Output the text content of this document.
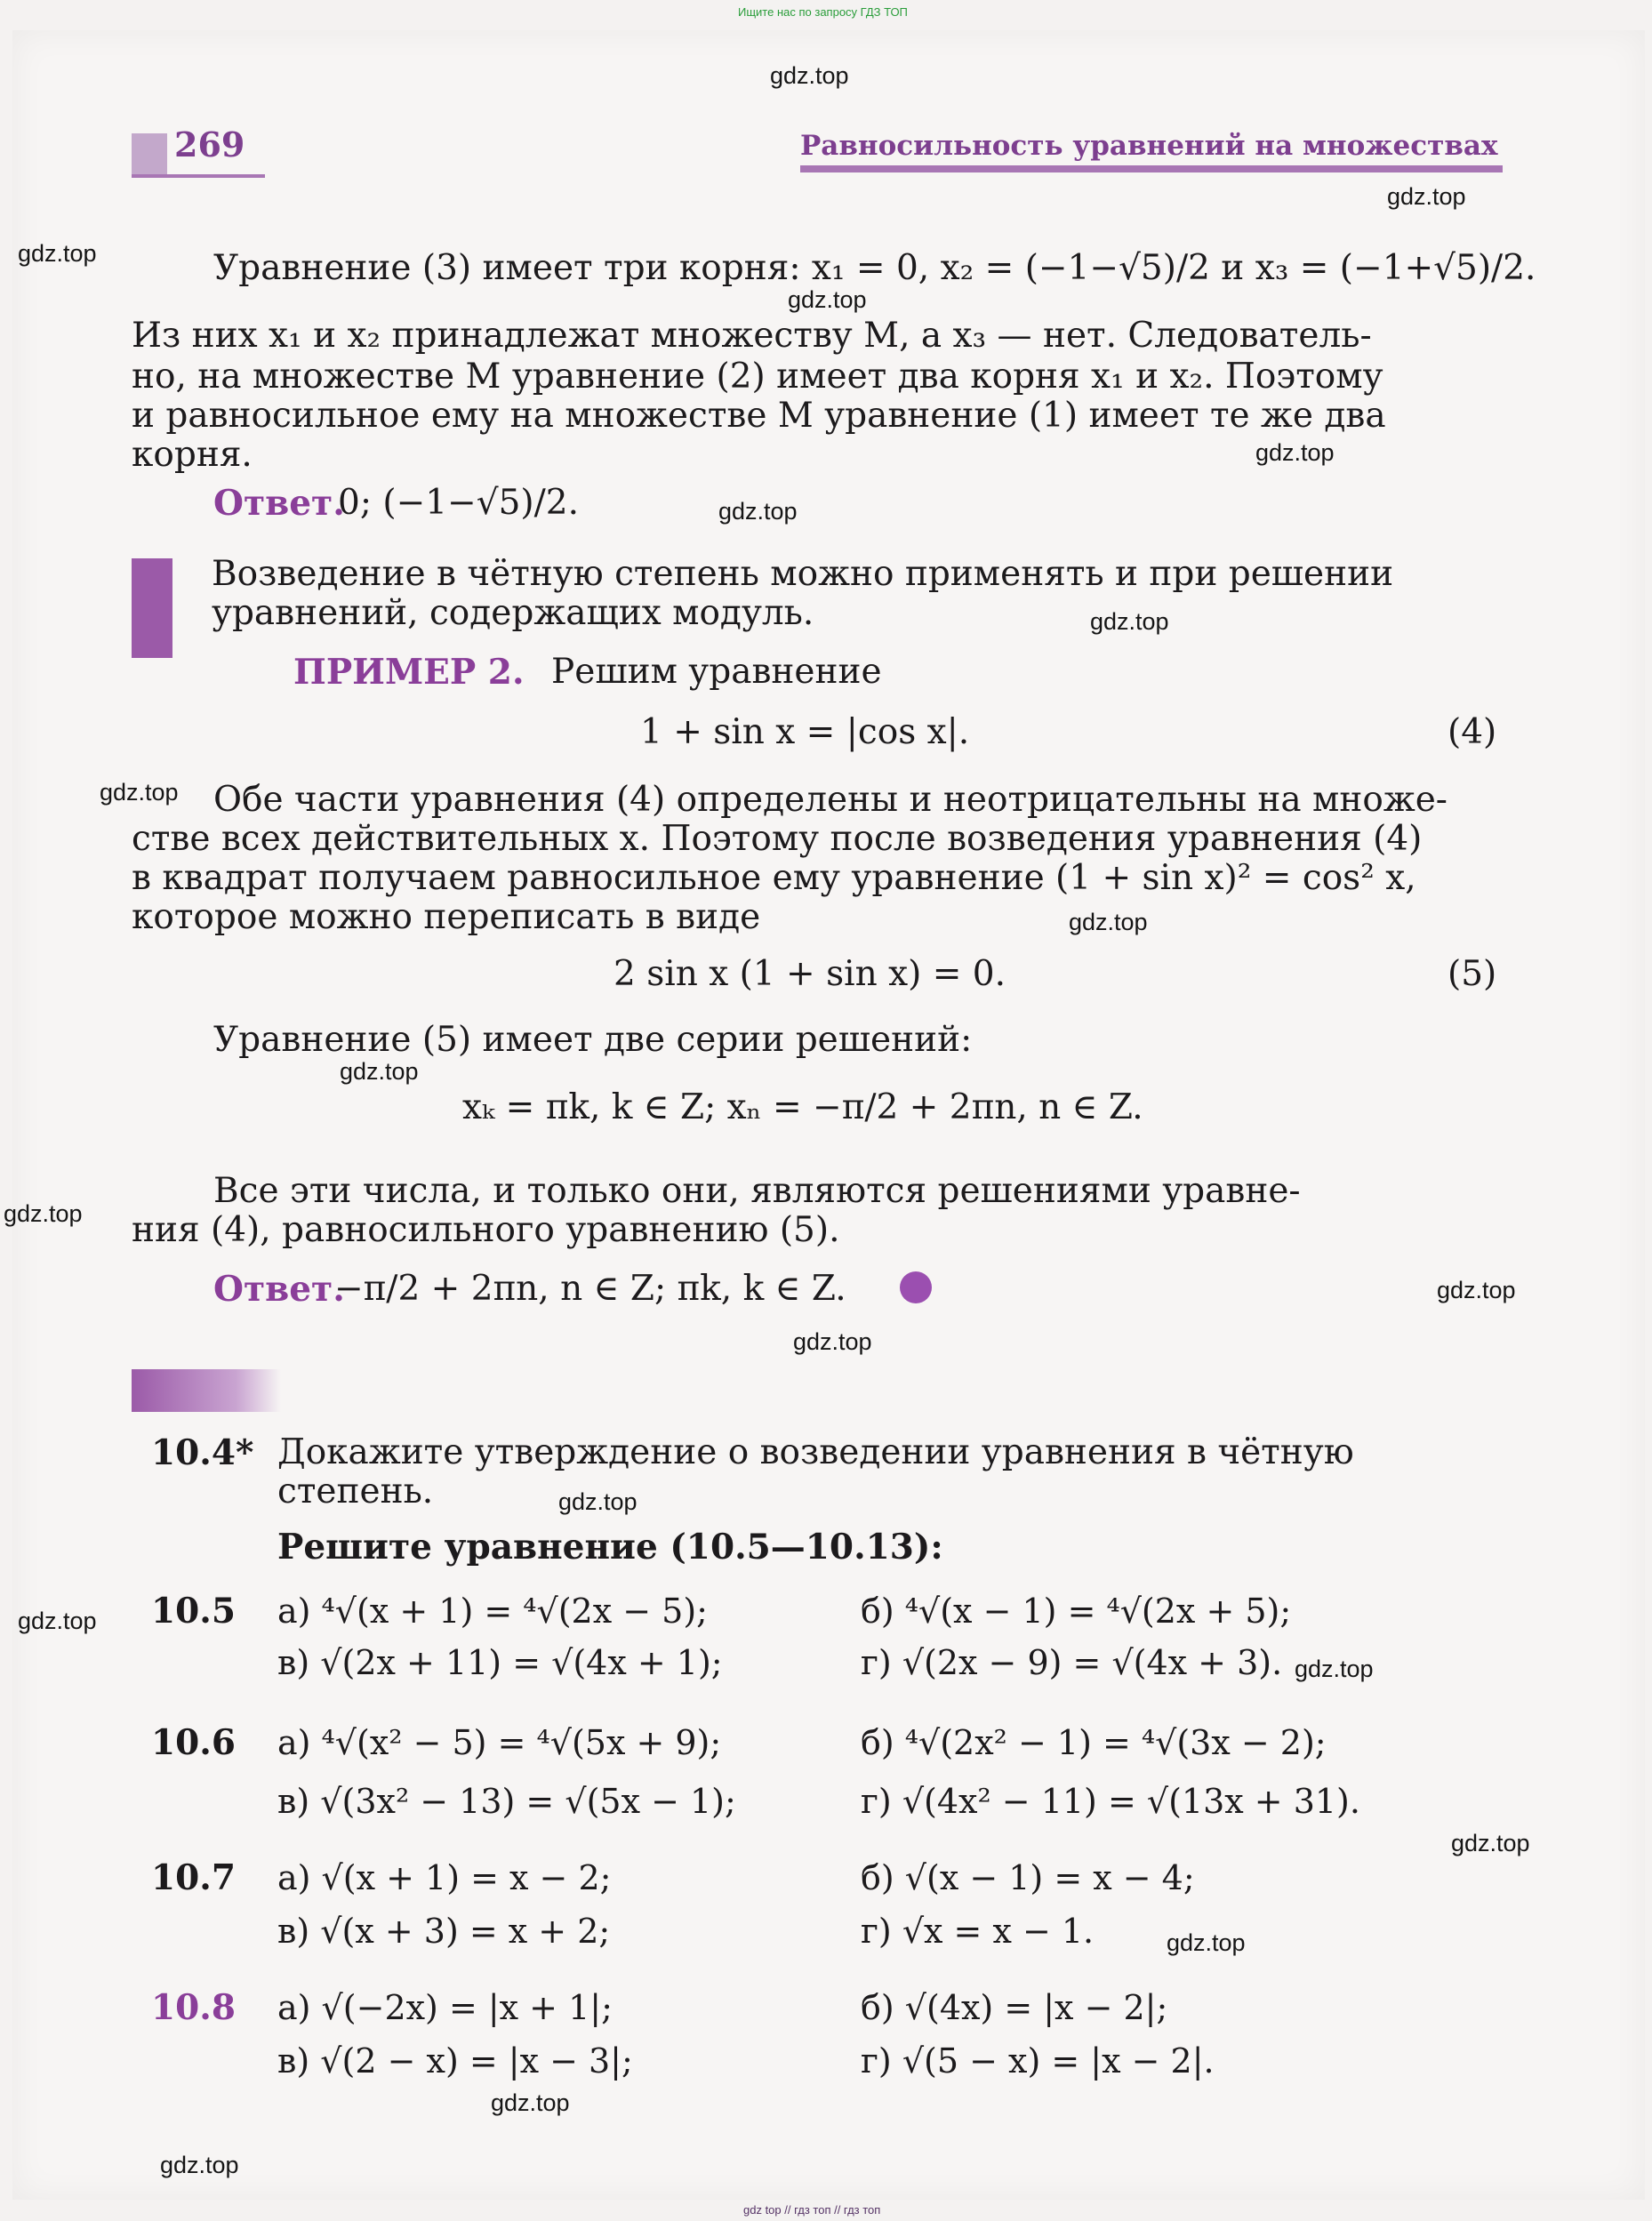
Ищите нас по запросу ГДЗ ТОП
269	Равносильность уравнений на множествах
Уравнение (3) имеет три корня: x₁ = 0, x₂ = (−1−√5)/2 и x₃ = (−1+√5)/2.
Из них x₁ и x₂ принадлежат множеству M, а x₃ — нет. Следователь-
но, на множестве M уравнение (2) имеет два корня x₁ и x₂. Поэтому
и равносильное ему на множестве M уравнение (1) имеет те же два
корня.
Ответ.
0; (−1−√5)/2.
Возведение в чётную степень можно применять и при решении
уравнений, содержащих модуль.
ПРИМЕР 2. Решим уравнение
1 + sin x = |cos x|.	(4)
Обе части уравнения (4) определены и неотрицательны на множе-
стве всех действительных x. Поэтому после возведения уравнения (4)
в квадрат получаем равносильное ему уравнение (1 + sin x)² = cos² x,
которое можно переписать в виде
2 sin x (1 + sin x) = 0.	(5)
Уравнение (5) имеет две серии решений:
xₖ = πk, k ∈ Z; xₙ = −π/2 + 2πn, n ∈ Z.
Все эти числа, и только они, являются решениями уравне-
ния (4), равносильного уравнению (5).
Ответ.
−π/2 + 2πn, n ∈ Z; πk, k ∈ Z.
10.4* Докажите утверждение о возведении уравнения в чётную
степень.
Решите уравнение (10.5—10.13):
10.5 а) ⁴√(x + 1) = ⁴√(2x − 5);	б) ⁴√(x − 1) = ⁴√(2x + 5);
в) √(2x + 11) = √(4x + 1);	г) √(2x − 9) = √(4x + 3).
10.6 а) ⁴√(x² − 5) = ⁴√(5x + 9);	б) ⁴√(2x² − 1) = ⁴√(3x − 2);
в) √(3x² − 13) = √(5x − 1);	г) √(4x² − 11) = √(13x + 31).
10.7 а) √(x + 1) = x − 2;	б) √(x − 1) = x − 4;
в) √(x + 3) = x + 2;	г) √x = x − 1.
10.8 а) √(−2x) = |x + 1|;	б) √(4x) = |x − 2|;
в) √(2 − x) = |x − 3|;	г) √(5 − x) = |x − 2|.
gdz.top
gdz.top
gdz.top
gdz.top
gdz.top
gdz.top
gdz.top
gdz.top
gdz.top
gdz.top
gdz.top
gdz.top
gdz.top
gdz.top
gdz.top
gdz.top
gdz.top
gdz.top
gdz.top
gdz.top
gdz top // гдз топ // гдз топ
